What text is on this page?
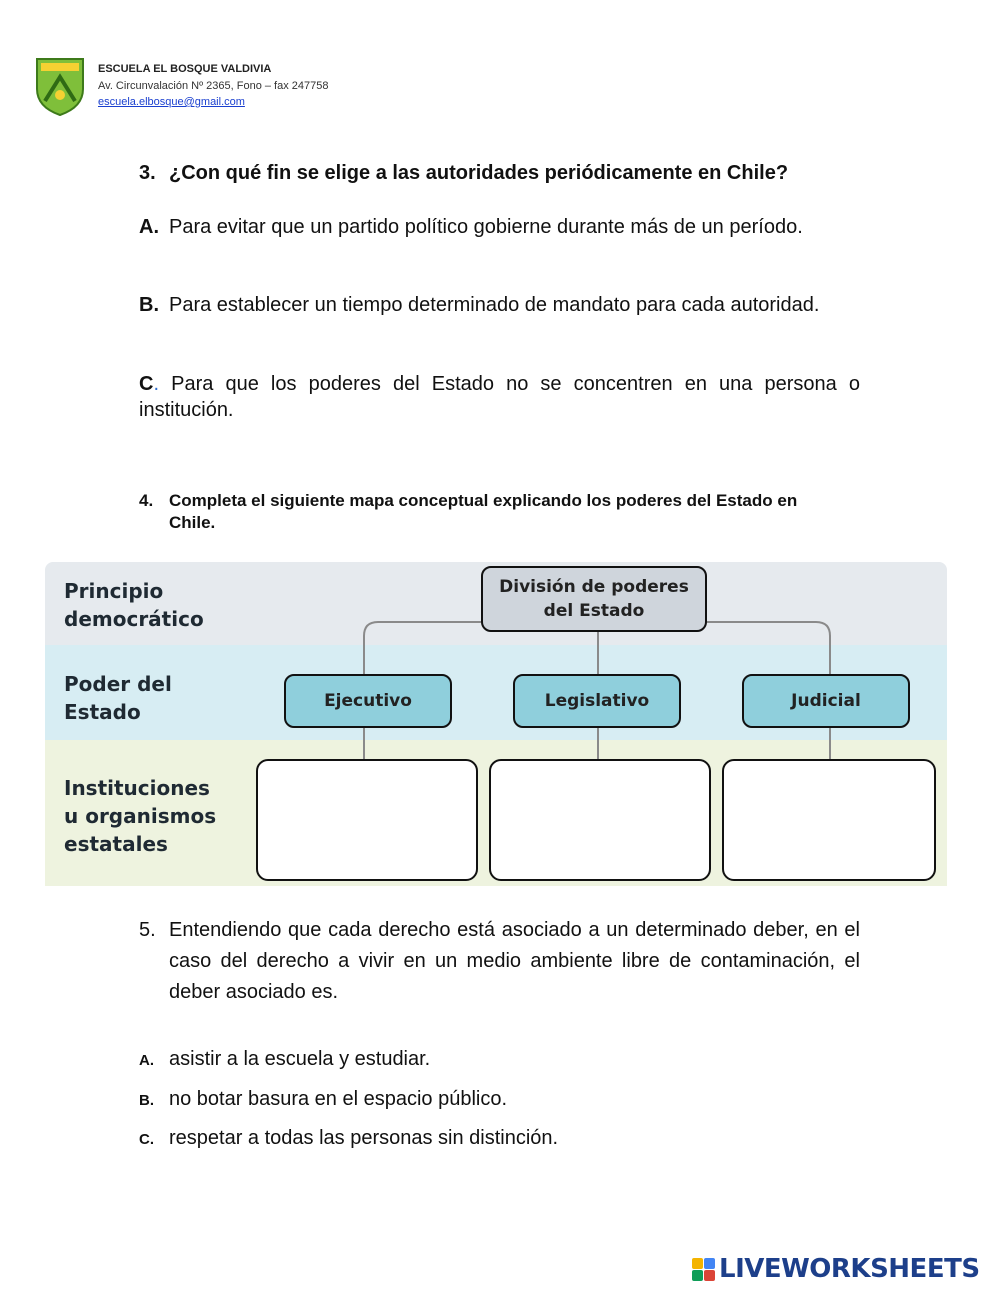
ESCUELA EL BOSQUE VALDIVIA
Av. Circunvalación Nº 2365, Fono – fax 247758
escuela.elbosque@gmail.com
3. ¿Con qué fin se elige a las autoridades periódicamente en Chile?
A. Para evitar que un partido político gobierne durante más de un período.
B. Para establecer un tiempo determinado de mandato para cada autoridad.
C. Para que los poderes del Estado no se concentren en una persona o institución.
4. Completa el siguiente mapa conceptual explicando los poderes del Estado en Chile.
Principio
democrático
Poder del
Estado
Instituciones
u organismos
estatales
División de poderes
del Estado
Ejecutivo	Legislativo	Judicial
5. Entendiendo que cada derecho está asociado a un determinado deber, en el caso del derecho a vivir en un medio ambiente libre de contaminación, el deber asociado es.
A. asistir a la escuela y estudiar.
B. no botar basura en el espacio público.
C. respetar a todas las personas sin distinción.
LIVEWORKSHEETS
